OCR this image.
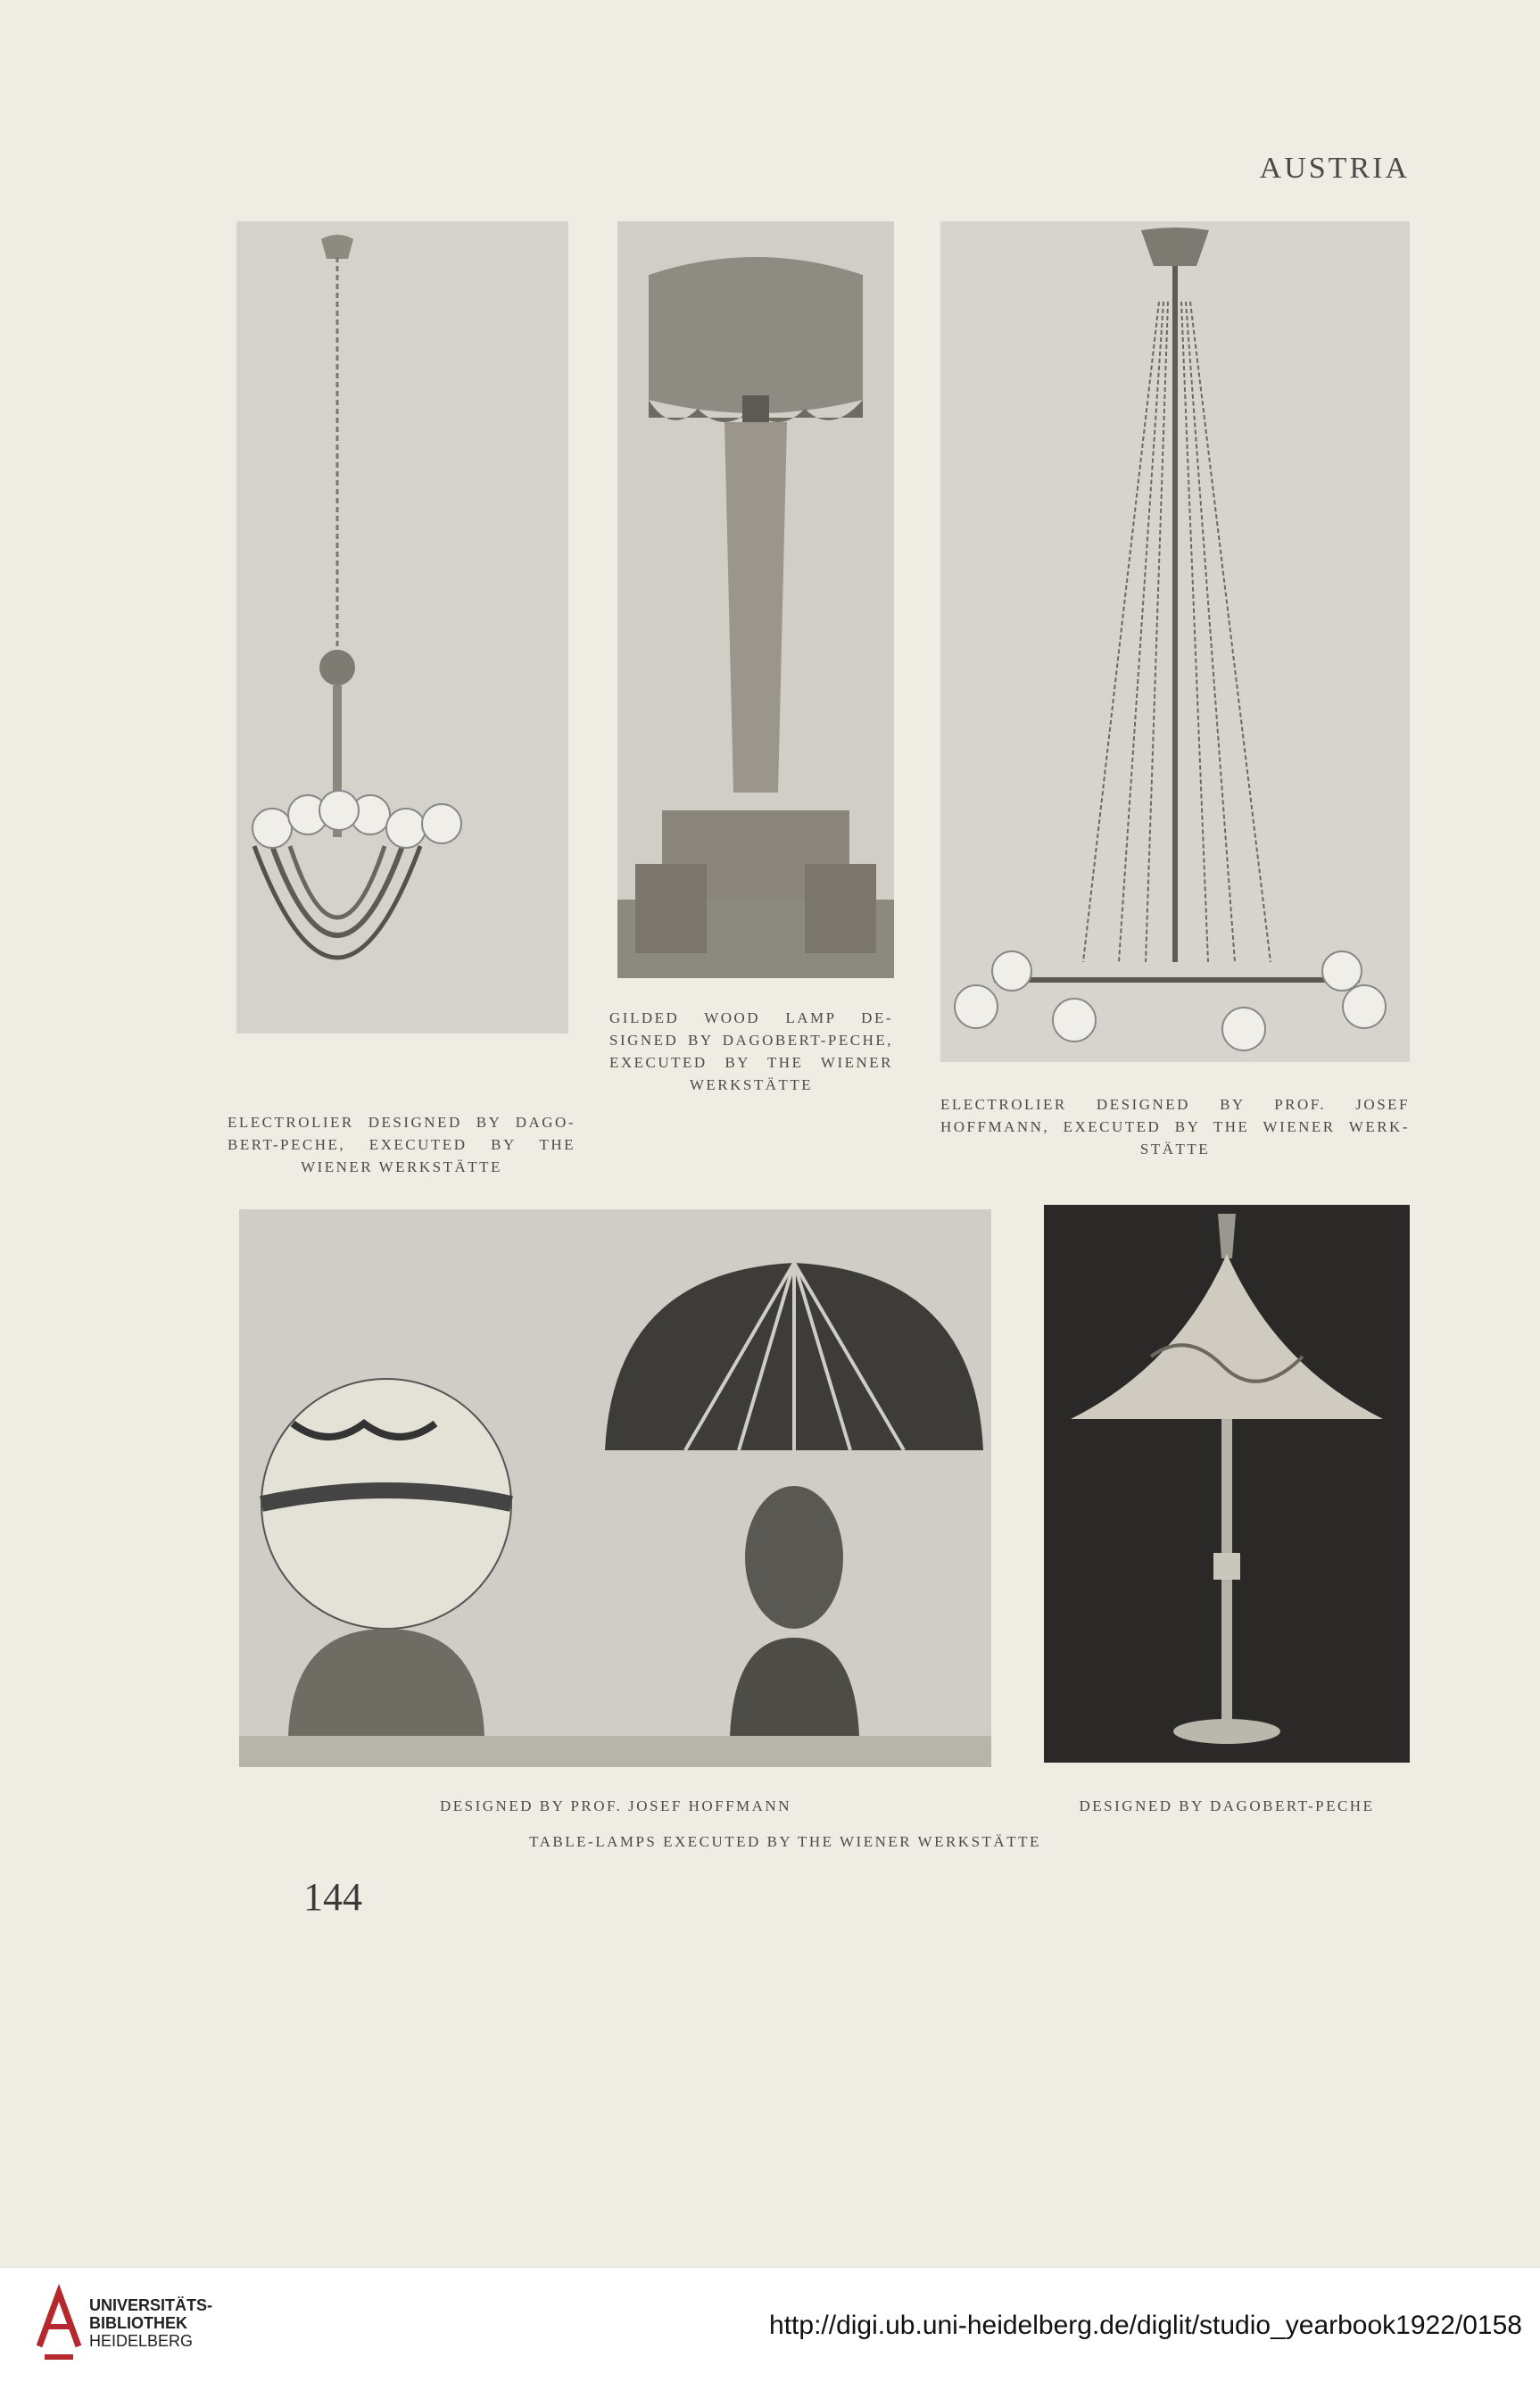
AUSTRIA
ELECTROLIER DESIGNED BY DAGO-BERT-PECHE, EXECUTED BY THE WIENER WERKSTÄTTE
GILDED WOOD LAMP DE-SIGNED BY DAGOBERT-PECHE, EXECUTED BY THE WIENER WERKSTÄTTE
ELECTROLIER DESIGNED BY PROF. JOSEF HOFFMANN, EXECUTED BY THE WIENER WERK-STÄTTE
DESIGNED BY PROF. JOSEF HOFFMANN	DESIGNED BY DAGOBERT-PECHE
TABLE-LAMPS EXECUTED BY THE WIENER WERKSTÄTTE
144
UNIVERSITÄTS-
BIBLIOTHEK
HEIDELBERG
http://digi.ub.uni-heidelberg.de/diglit/studio_yearbook1922/0158
